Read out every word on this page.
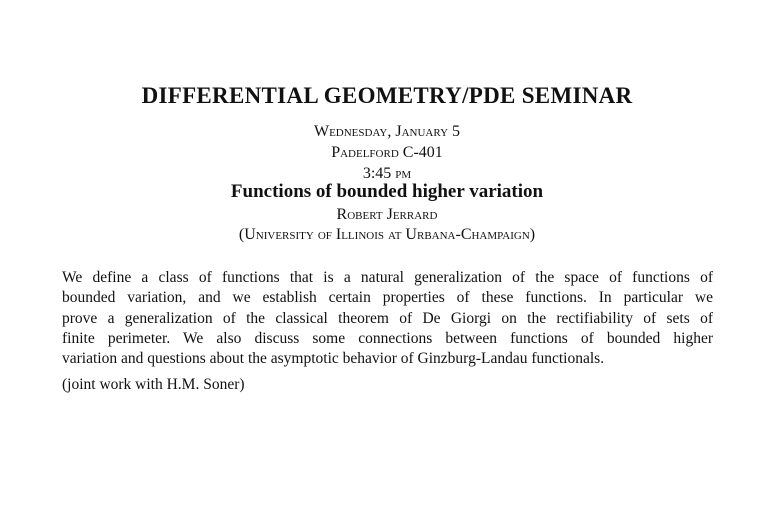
DIFFERENTIAL GEOMETRY/PDE SEMINAR
Wednesday, January 5
Padelford C-401
3:45 pm
Functions of bounded higher variation
Robert Jerrard
(University of Illinois at Urbana-Champaign)
We define a class of functions that is a natural generalization of the space of functions of
bounded variation, and we establish certain properties of these functions. In particular we
prove a generalization of the classical theorem of De Giorgi on the rectifiability of sets of
finite perimeter. We also discuss some connections between functions of bounded higher
variation and questions about the asymptotic behavior of Ginzburg-Landau functionals.
(joint work with H.M. Soner)
